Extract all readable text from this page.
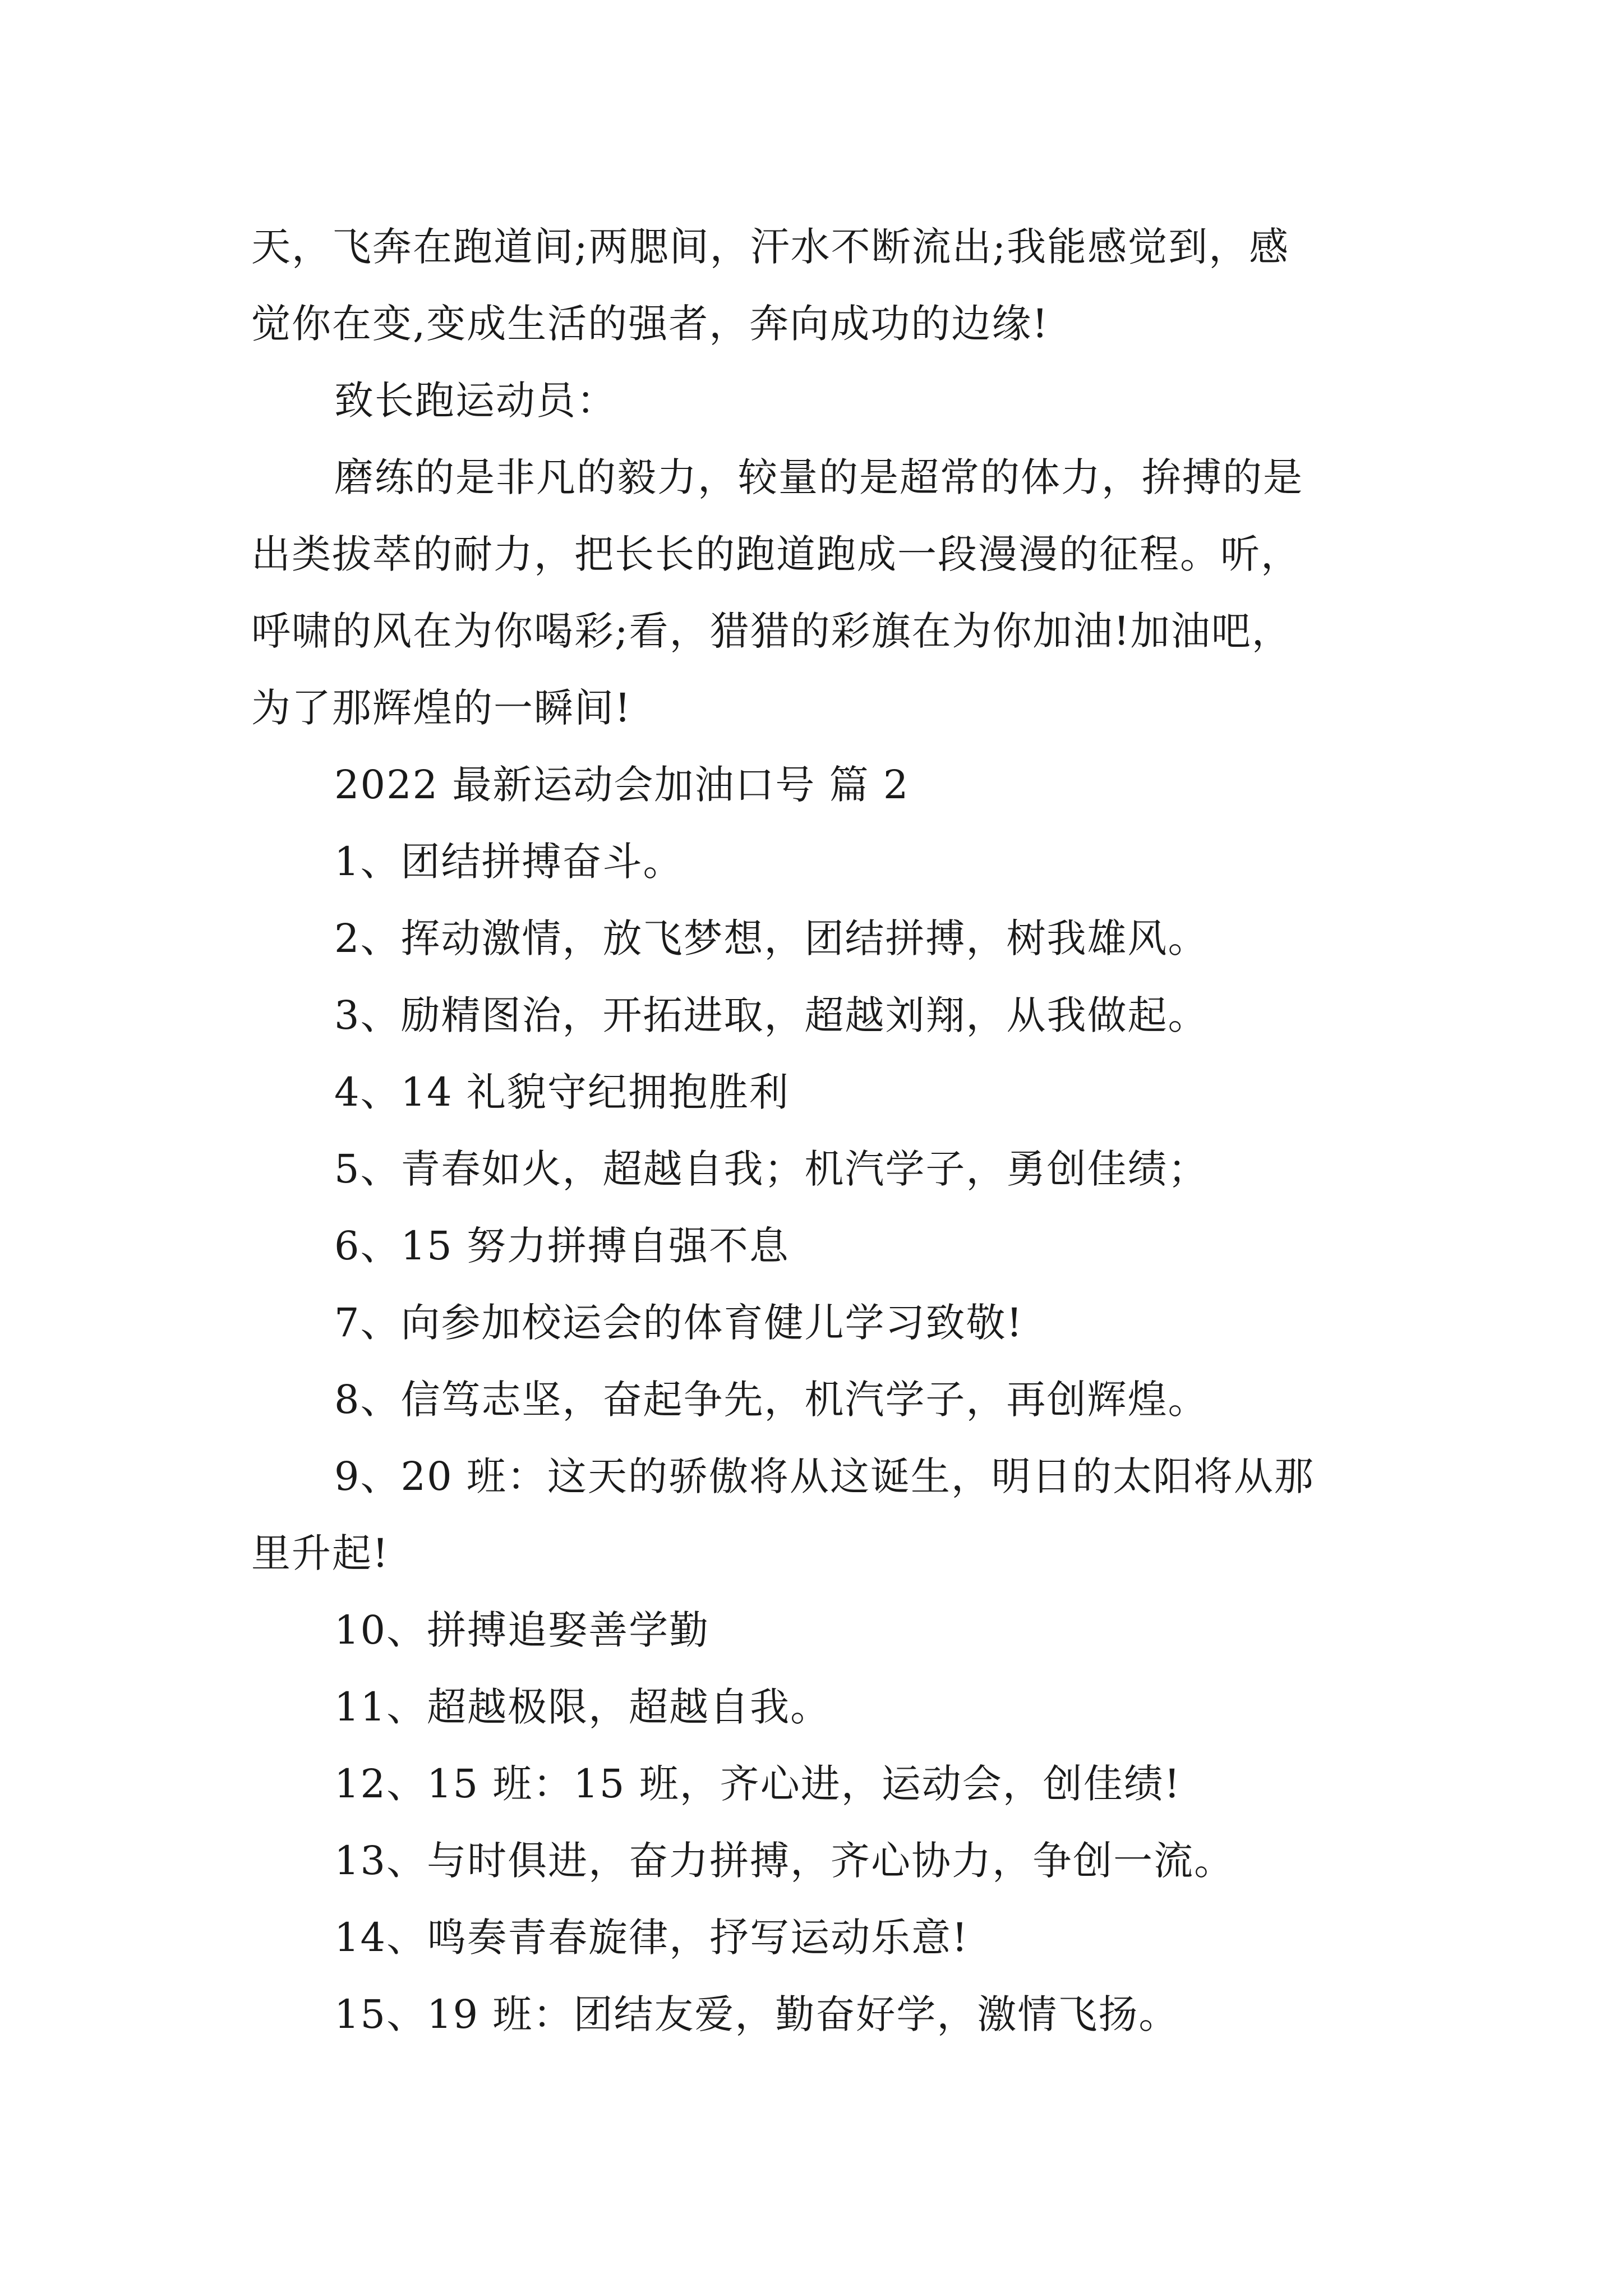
天，飞奔在跑道间;两腮间，汗水不断流出;我能感觉到，感
觉你在变,变成生活的强者，奔向成功的边缘!
致长跑运动员：
磨练的是非凡的毅力，较量的是超常的体力，拚搏的是
出类拔萃的耐力，把长长的跑道跑成一段漫漫的征程。听，
呼啸的风在为你喝彩;看，猎猎的彩旗在为你加油!加油吧，
为了那辉煌的一瞬间!
2022 最新运动会加油口号 篇 2
1、团结拼搏奋斗。
2、挥动激情，放飞梦想，团结拼搏，树我雄风。
3、励精图治，开拓进取，超越刘翔，从我做起。
4、14 礼貌守纪拥抱胜利
5、青春如火，超越自我；机汽学子，勇创佳绩；
6、15 努力拼搏自强不息
7、向参加校运会的体育健儿学习致敬!
8、信笃志坚，奋起争先，机汽学子，再创辉煌。
9、20 班：这天的骄傲将从这诞生，明日的太阳将从那
里升起!
10、拼搏追娶善学勤
11、超越极限，超越自我。
12、15 班：15 班，齐心进，运动会，创佳绩!
13、与时俱进，奋力拼搏，齐心协力，争创一流。
14、鸣奏青春旋律，抒写运动乐意!
15、19 班：团结友爱，勤奋好学，激情飞扬。
